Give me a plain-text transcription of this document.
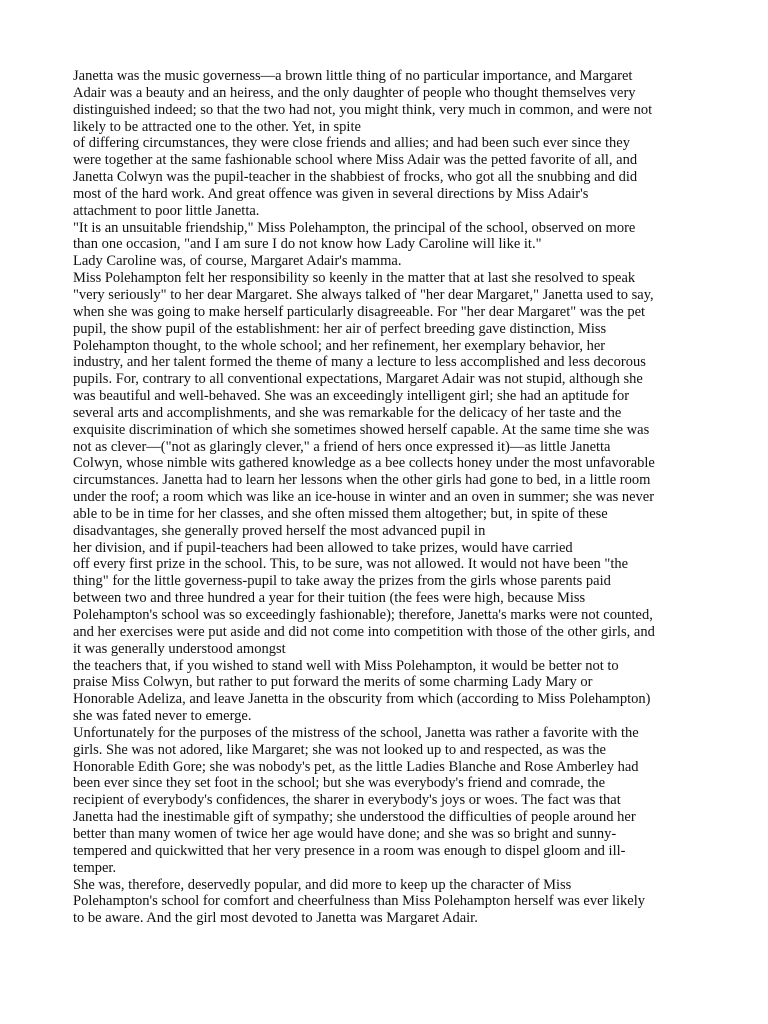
Janetta was the music governess—a brown little thing of no particular importance, and Margaret
Adair was a beauty and an heiress, and the only daughter of people who thought themselves very
distinguished indeed; so that the two had not, you might think, very much in common, and were not
likely to be attracted one to the other. Yet, in spite
of differing circumstances, they were close friends and allies; and had been such ever since they
were together at the same fashionable school where Miss Adair was the petted favorite of all, and
Janetta Colwyn was the pupil-teacher in the shabbiest of frocks, who got all the snubbing and did
most of the hard work. And great offence was given in several directions by Miss Adair's
attachment to poor little Janetta.
"It is an unsuitable friendship," Miss Polehampton, the principal of the school, observed on more
than one occasion, "and I am sure I do not know how Lady Caroline will like it."
Lady Caroline was, of course, Margaret Adair's mamma.
Miss Polehampton felt her responsibility so keenly in the matter that at last she resolved to speak
"very seriously" to her dear Margaret. She always talked of "her dear Margaret," Janetta used to say,
when she was going to make herself particularly disagreeable. For "her dear Margaret" was the pet
pupil, the show pupil of the establishment: her air of perfect breeding gave distinction, Miss
Polehampton thought, to the whole school; and her refinement, her exemplary behavior, her
industry, and her talent formed the theme of many a lecture to less accomplished and less decorous
pupils. For, contrary to all conventional expectations, Margaret Adair was not stupid, although she
was beautiful and well-behaved. She was an exceedingly intelligent girl; she had an aptitude for
several arts and accomplishments, and she was remarkable for the delicacy of her taste and the
exquisite discrimination of which she sometimes showed herself capable. At the same time she was
not as clever—("not as glaringly clever," a friend of hers once expressed it)—as little Janetta
Colwyn, whose nimble wits gathered knowledge as a bee collects honey under the most unfavorable
circumstances. Janetta had to learn her lessons when the other girls had gone to bed, in a little room
under the roof; a room which was like an ice-house in winter and an oven in summer; she was never
able to be in time for her classes, and she often missed them altogether; but, in spite of these
disadvantages, she generally proved herself the most advanced pupil in
her division, and if pupil-teachers had been allowed to take prizes, would have carried
off every first prize in the school. This, to be sure, was not allowed. It would not have been "the
thing" for the little governess-pupil to take away the prizes from the girls whose parents paid
between two and three hundred a year for their tuition (the fees were high, because Miss
Polehampton's school was so exceedingly fashionable); therefore, Janetta's marks were not counted,
and her exercises were put aside and did not come into competition with those of the other girls, and
it was generally understood amongst
the teachers that, if you wished to stand well with Miss Polehampton, it would be better not to
praise Miss Colwyn, but rather to put forward the merits of some charming Lady Mary or
Honorable Adeliza, and leave Janetta in the obscurity from which (according to Miss Polehampton)
she was fated never to emerge.
Unfortunately for the purposes of the mistress of the school, Janetta was rather a favorite with the
girls. She was not adored, like Margaret; she was not looked up to and respected, as was the
Honorable Edith Gore; she was nobody's pet, as the little Ladies Blanche and Rose Amberley had
been ever since they set foot in the school; but she was everybody's friend and comrade, the
recipient of everybody's confidences, the sharer in everybody's joys or woes. The fact was that
Janetta had the inestimable gift of sympathy; she understood the difficulties of people around her
better than many women of twice her age would have done; and she was so bright and sunny-
tempered and quickwitted that her very presence in a room was enough to dispel gloom and ill-
temper.
She was, therefore, deservedly popular, and did more to keep up the character of Miss
Polehampton's school for comfort and cheerfulness than Miss Polehampton herself was ever likely
to be aware. And the girl most devoted to Janetta was Margaret Adair.
